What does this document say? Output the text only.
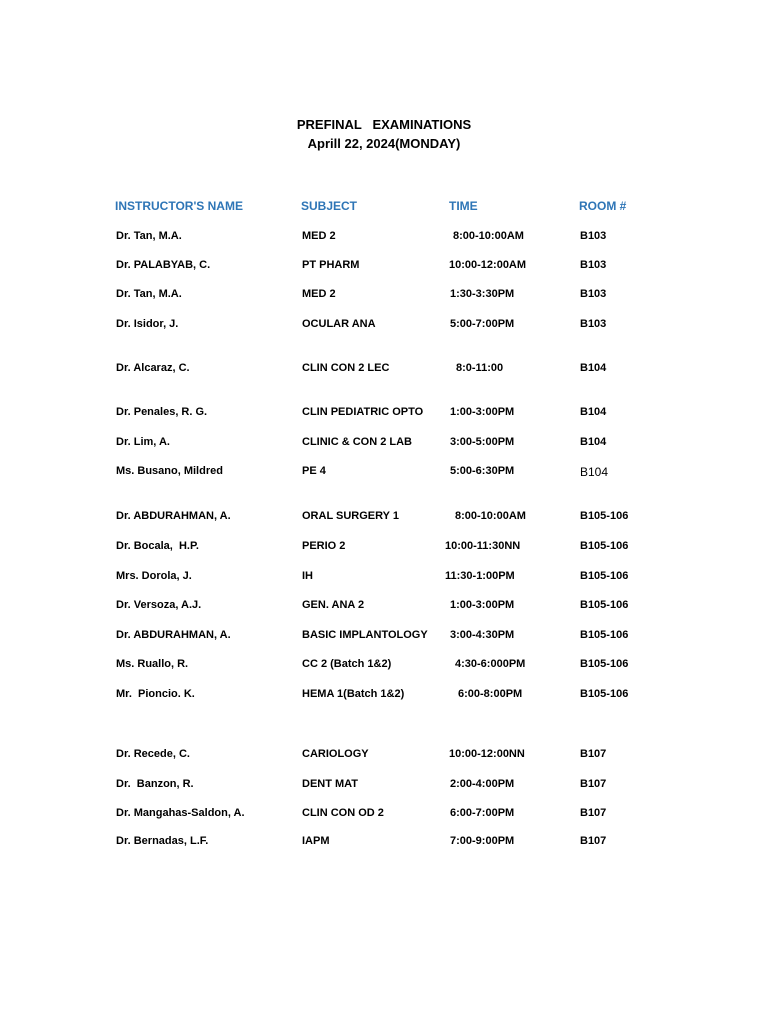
PREFINAL   EXAMINATIONS
Aprill 22, 2024(MONDAY)
INSTRUCTOR'S NAME	SUBJECT	TIME	ROOM #
Dr. Tan, M.A.	MED 2	8:00-10:00AM	B103
Dr. PALABYAB, C.	PT PHARM	10:00-12:00AM	B103
Dr. Tan, M.A.	MED 2	1:30-3:30PM	B103
Dr. Isidor, J.	OCULAR ANA	5:00-7:00PM	B103
Dr. Alcaraz, C.	CLIN CON 2 LEC	8:0-11:00	B104
Dr. Penales, R. G.	CLIN PEDIATRIC OPTO 1:00-3:00PM	B104
Dr. Lim, A.	CLINIC & CON 2 LAB	3:00-5:00PM	B104
Ms. Busano, Mildred	PE 4	5:00-6:30PM	B104
Dr. ABDURAHMAN, A.	ORAL SURGERY 1	8:00-10:00AM	B105-106
Dr. Bocala,  H.P.	PERIO 2	10:00-11:30NN	B105-106
Mrs. Dorola, J.	IH	11:30-1:00PM	B105-106
Dr. Versoza, A.J.	GEN. ANA 2	1:00-3:00PM	B105-106
Dr. ABDURAHMAN, A.	BASIC IMPLANTOLOGY 3:00-4:30PM	B105-106
Ms. Ruallo, R.	CC 2 (Batch 1&2)	4:30-6:000PM	B105-106
Mr.  Pioncio. K.	HEMA 1(Batch 1&2)	6:00-8:00PM	B105-106
Dr. Recede, C.	CARIOLOGY	10:00-12:00NN	B107
Dr.  Banzon, R.	DENT MAT	2:00-4:00PM	B107
Dr. Mangahas-Saldon, A.	CLIN CON OD 2	6:00-7:00PM	B107
Dr. Bernadas, L.F.	IAPM	7:00-9:00PM	B107
